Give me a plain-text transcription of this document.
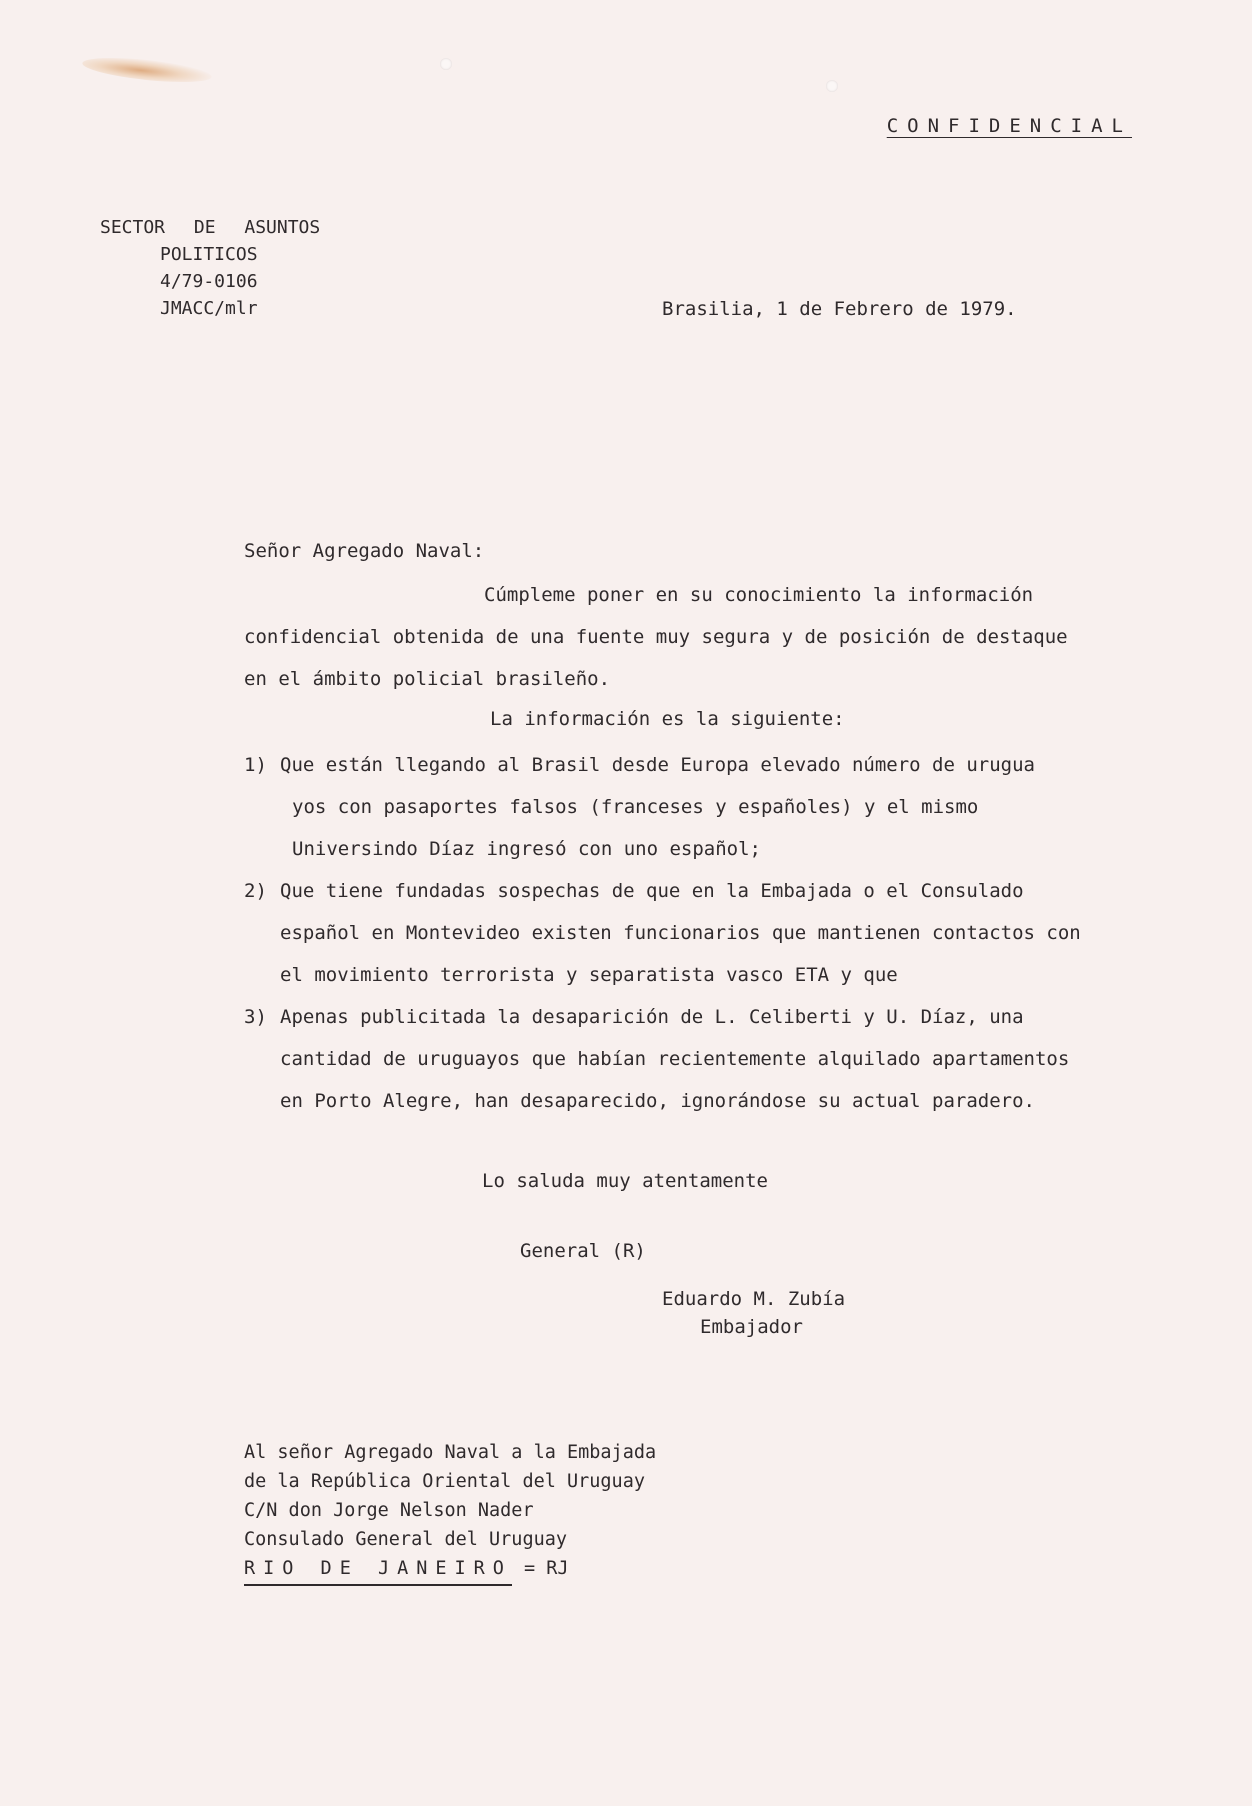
CONFIDENCIAL
SECTOR DE ASUNTOS
POLITICOS
4/79-0106
JMACC/mlr	Brasilia, 1 de Febrero de 1979.
Señor Agregado Naval:
Cúmpleme poner en su conocimiento la información
confidencial obtenida de una fuente muy segura y de posición de destaque en el ámbito policial brasileño.
La información es la siguiente:
1) Que están llegando al Brasil desde Europa elevado número de urugua
yos con pasaportes falsos (franceses y españoles) y el mismo Universindo Díaz ingresó con uno español;
2) Que tiene fundadas sospechas de que en la Embajada o el Consulado español en Montevideo existen funcionarios que mantienen contactos con el movimiento terrorista y separatista vasco ETA y que
3) Apenas publicitada la desaparición de L. Celiberti y U. Díaz, una cantidad de uruguayos que habían recientemente alquilado apartamentos en Porto Alegre, han desaparecido, ignorándose su actual paradero.
Lo saluda muy atentamente
General (R)
Eduardo M. Zubía
Embajador
Al señor Agregado Naval a la Embajada
de la República Oriental del Uruguay
C/N don Jorge Nelson Nader
Consulado General del Uruguay
RIO DE JANEIRO = RJ
